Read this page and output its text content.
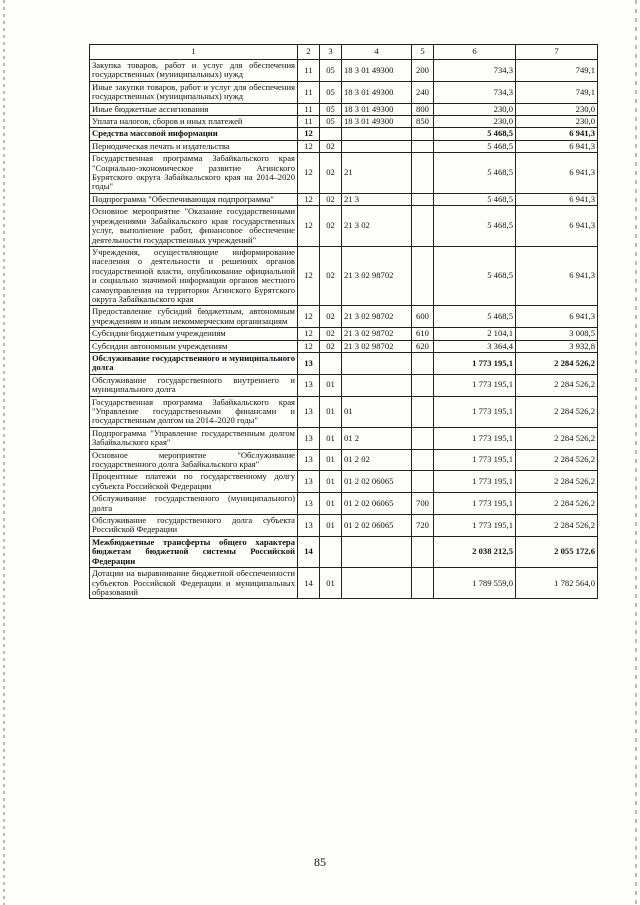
1	2	3	4	5	6	7
Закупка товаров, работ и услуг для обеспечения государственных (муниципальных) нужд	11	05	18 3 01 49300	200	734,3	749,1
Иные закупки товаров, работ и услуг для обеспечения государственных (муниципальных) нужд	11	05	18 3 01 49300	240	734,3	749,1
Иные бюджетные ассигнования	11	05	18 3 01 49300	800	230,0	230,0
Уплата налогов, сборов и иных платежей	11	05	18 3 01 49300	850	230,0	230,0
Средства массовой информации	12				5 468,5	6 941,3
Периодическая печать и издательства	12	02			5 468,5	6 941,3
Государственная программа Забайкальского края "Социально-экономическое развитие Агинского Бурятского округа Забайкальского края на 2014–2020 годы"	12	02	21		5 468,5	6 941,3
Подпрограмма "Обеспечивающая подпрограмма"	12	02	21 3		5 468,5	6 941,3
Основное мероприятие "Оказание государственными учреждениями Забайкальского края государственных услуг, выполнение работ, финансовое обеспечение деятельности государственных учреждений"	12	02	21 3 02		5 468,5	6 941,3
Учреждения, осуществляющие информирование населения о деятельности и решениях органов государственной власти, опубликование официальной и социально значимой информации органов местного самоуправления на территории Агинского Бурятского округа Забайкальского края	12	02	21 3 02 98702		5 468,5	6 941,3
Предоставление субсидий бюджетным, автономным учреждениям и иным некоммерческим организациям	12	02	21 3 02 98702	600	5 468,5	6 941,3
Субсидии бюджетным учреждениям	12	02	21 3 02 98702	610	2 104,1	3 008,5
Субсидии автономным учреждениям	12	02	21 3 02 98702	620	3 364,4	3 932,8
Обслуживание государственного и муниципального долга	13				1 773 195,1	2 284 526,2
Обслуживание государственного внутреннего и муниципального долга	13	01			1 773 195,1	2 284 526,2
Государственная программа Забайкальского края "Управление государственными финансами и государственным долгом на 2014–2020 годы"	13	01	01		1 773 195,1	2 284 526,2
Подпрограмма "Управление государственным долгом Забайкальского края"	13	01	01 2		1 773 195,1	2 284 526,2
Основное мероприятие "Обслуживание государственного долга Забайкальского края"	13	01	01 2 02		1 773 195,1	2 284 526,2
Процентные платежи по государственному долгу субъекта Российской Федерации	13	01	01 2 02 06065		1 773 195,1	2 284 526,2
Обслуживание государственного (муниципального) долга	13	01	01 2 02 06065	700	1 773 195,1	2 284 526,2
Обслуживание государственного долга субъекта Российской Федерации	13	01	01 2 02 06065	720	1 773 195,1	2 284 526,2
Межбюджетные трансферты общего характера бюджетам бюджетной системы Российской Федерации	14				2 038 212,5	2 055 172,6
Дотации на выравнивание бюджетной обеспеченности субъектов Российской Федерации и муниципальных образований	14	01			1 789 559,0	1 782 564,0
85
